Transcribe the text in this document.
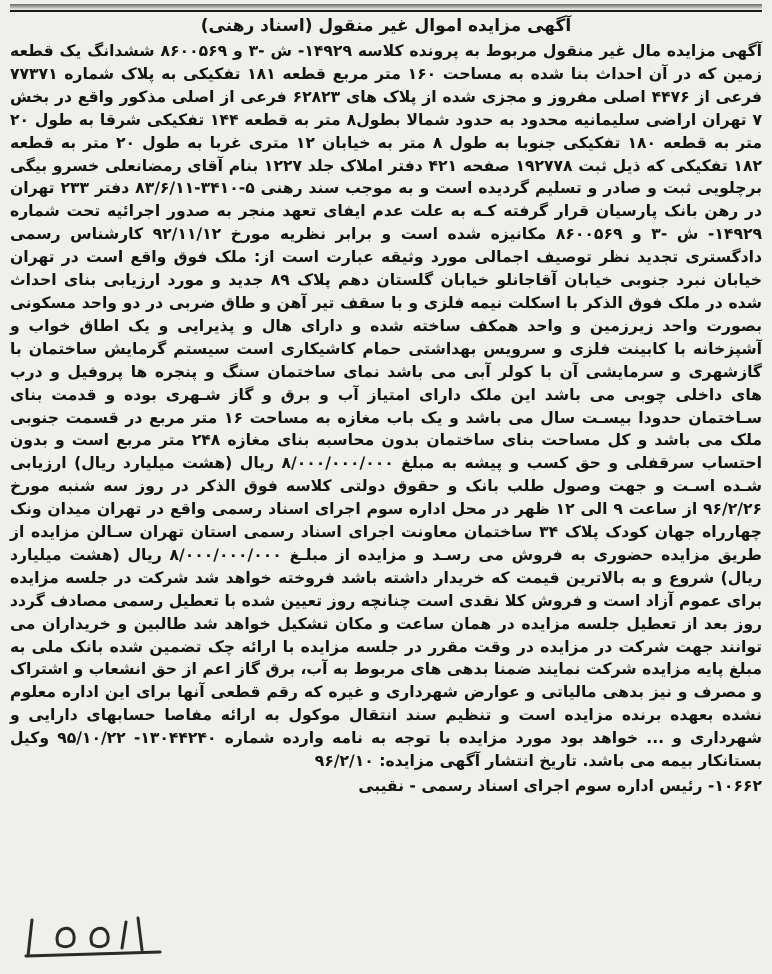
آگهی مزایده اموال غیر منقول (اسناد رهنی)

آگهی مزایده مال غیر منقول مربوط به پرونده کلاسه ۱۴۹۲۹- ش -۳ و ۸۶۰۰۵۶۹ ششدانگ یک قطعه زمین که در آن احداث بنا شده به مساحت ۱۶۰ متر مربع قطعه ۱۸۱ تفکیکی به پلاک شماره ۷۷۳۷۱ فرعی از ۴۴۷۶ اصلی مفروز و مجزی شده از پلاک های ۶۲۸۲۳ فرعی از اصلی مذکور واقع در بخش ۷ تهران اراضی سلیمانیه محدود به حدود شمالا بطول۸ متر به قطعه ۱۴۴ تفکیکی شرقا به طول ۲۰ متر به قطعه ۱۸۰ تفکیکی جنوبا به طول ۸ متر به خیابان ۱۲ متری غربا به طول ۲۰ متر به قطعه ۱۸۲ تفکیکی که ذیل ثبت ۱۹۲۷۷۸ صفحه ۴۲۱ دفتر املاک جلد ۱۲۲۷ بنام آقای رمضانعلی خسرو بیگی برچلویی ثبت و صادر و تسلیم گردیده است و به موجب سند رهنی ۵-۳۴۱۰-۸۳/۶/۱۱ دفتر ۲۳۳ تهران در رهن بانک پارسیان قرار گرفته کـه به علت عدم ایفای تعهد منجر به صدور اجرائیه تحت شماره ۱۴۹۲۹- ش -۳ و ۸۶۰۰۵۶۹ مکانیزه شده است و برابر نظریه مورخ ۹۲/۱۱/۱۲ کارشناس رسمی دادگستری تجدید نظر توصیف اجمالی مورد وثیقه عبارت است از: ملک فوق واقع است در تهران خیابان نبرد جنوبی خیابان آقاجانلو خیابان گلستان دهم پلاک ۸۹ جدید و مورد ارزیابی بنای احداث شده در ملک فوق الذکر با اسکلت نیمه فلزی و با سقف تیر آهن و طاق ضربی در دو واحد مسکونی بصورت واحد زیرزمین و واحد همکف ساخته شده و دارای هال و پذیرایی و یک اطاق خواب و آشپزخانه با کابینت فلزی و سرویس بهداشتی حمام کاشیکاری است سیستم گرمایش ساختمان با گازشهری و سرمایشی آن با کولر آبی می باشد نمای ساختمان سنگ و پنجره ها پروفیل و درب های داخلی چوبی می باشد این ملک دارای امتیاز آب و برق و گاز شـهری بوده و قدمت بنای سـاختمان حدودا بیسـت سال می باشد و یک باب مغازه به مساحت ۱۶ متر مربع در قسمت جنوبی ملک می باشد و کل مساحت بنای ساختمان بدون محاسبه بنای مغازه ۲۴۸ متر مربع است و بدون احتساب سرقفلی و حق کسب و پیشه به مبلغ ۸/۰۰۰/۰۰۰/۰۰۰ ریال (هشت میلیارد ریال) ارزیابی شـده اسـت و جهت وصول طلب بانک و حقوق دولتی کلاسه فوق الذکر در روز سه شنبه مورخ ۹۶/۲/۲۶ از ساعت ۹ الی ۱۲ ظهر در محل اداره سوم اجرای اسناد رسمی واقع در تهران میدان ونک چهارراه جهان کودک پلاک ۳۴ ساختمان معاونت اجرای اسناد رسمی استان تهران سـالن مزایده از طریق مزایده حضوری به فروش می رسـد و مزایده از مبلـغ ۸/۰۰۰/۰۰۰/۰۰۰ ریال (هشت میلیارد ریال) شروع و به بالاترین قیمت که خریدار داشته باشد فروخته خواهد شد شرکت در جلسه مزایده برای عموم آزاد است و فروش کلا نقدی است چنانچه روز تعیین شده با تعطیل رسمی مصادف گردد روز بعد از تعطیل جلسه مزایده در همان ساعت و مکان تشکیل خواهد شد طالبین و خریداران می توانند جهت شرکت در مزایده در وقت مقرر در جلسه مزایده با ارائه چک تضمین شده بانک ملی به مبلغ پایه مزایده شرکت نمایند ضمنا بدهی های مربوط به آب، برق گاز اعم از حق انشعاب و اشتراک و مصرف و نیز بدهی مالیاتی و عوارض شهرداری و غیره که رقم قطعی آنها برای این اداره معلوم نشده بعهده برنده مزایده است و تنظیم سند انتقال موکول به ارائه مفاصا حسابهای دارایی و شهرداری و ... خواهد بود مورد مزایده با توجه به نامه وارده شماره ۱۳۰۴۴۲۴۰- ۹۵/۱۰/۲۲ وکیل بستانکار بیمه می باشد. تاریخ انتشار آگهی مزایده: ۹۶/۲/۱۰

۱۰۶۶۲- رئیس اداره سوم اجرای اسناد رسمی - نقیبی
